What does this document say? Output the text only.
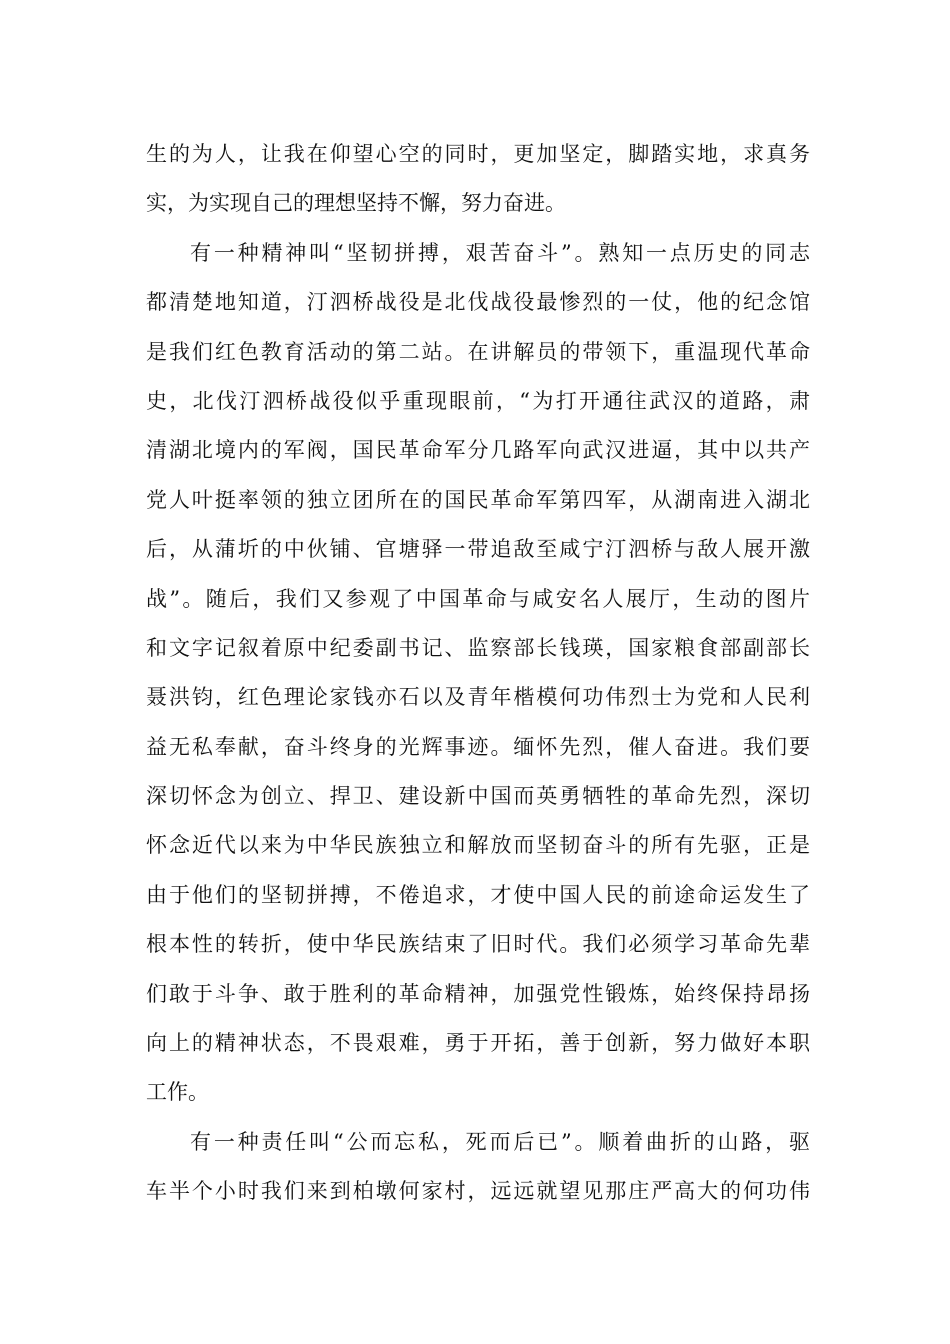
生的为人，让我在仰望心空的同时，更加坚定，脚踏实地，求真务
实，为实现自己的理想坚持不懈，努力奋进。
有一种精神叫“坚韧拼搏，艰苦奋斗”。熟知一点历史的同志
都清楚地知道，汀泗桥战役是北伐战役最惨烈的一仗，他的纪念馆
是我们红色教育活动的第二站。在讲解员的带领下，重温现代革命
史，北伐汀泗桥战役似乎重现眼前，“为打开通往武汉的道路，肃
清湖北境内的军阀，国民革命军分几路军向武汉进逼，其中以共产
党人叶挺率领的独立团所在的国民革命军第四军，从湖南进入湖北
后，从蒲圻的中伙铺、官塘驿一带追敌至咸宁汀泗桥与敌人展开激
战”。随后，我们又参观了中国革命与咸安名人展厅，生动的图片
和文字记叙着原中纪委副书记、监察部长钱瑛，国家粮食部副部长
聂洪钧，红色理论家钱亦石以及青年楷模何功伟烈士为党和人民利
益无私奉献，奋斗终身的光辉事迹。缅怀先烈，催人奋进。我们要
深切怀念为创立、捍卫、建设新中国而英勇牺牲的革命先烈，深切
怀念近代以来为中华民族独立和解放而坚韧奋斗的所有先驱，正是
由于他们的坚韧拼搏，不倦追求，才使中国人民的前途命运发生了
根本性的转折，使中华民族结束了旧时代。我们必须学习革命先辈
们敢于斗争、敢于胜利的革命精神，加强党性锻炼，始终保持昂扬
向上的精神状态，不畏艰难，勇于开拓，善于创新，努力做好本职
工作。
有一种责任叫“公而忘私，死而后已”。顺着曲折的山路，驱
车半个小时我们来到柏墩何家村，远远就望见那庄严高大的何功伟
